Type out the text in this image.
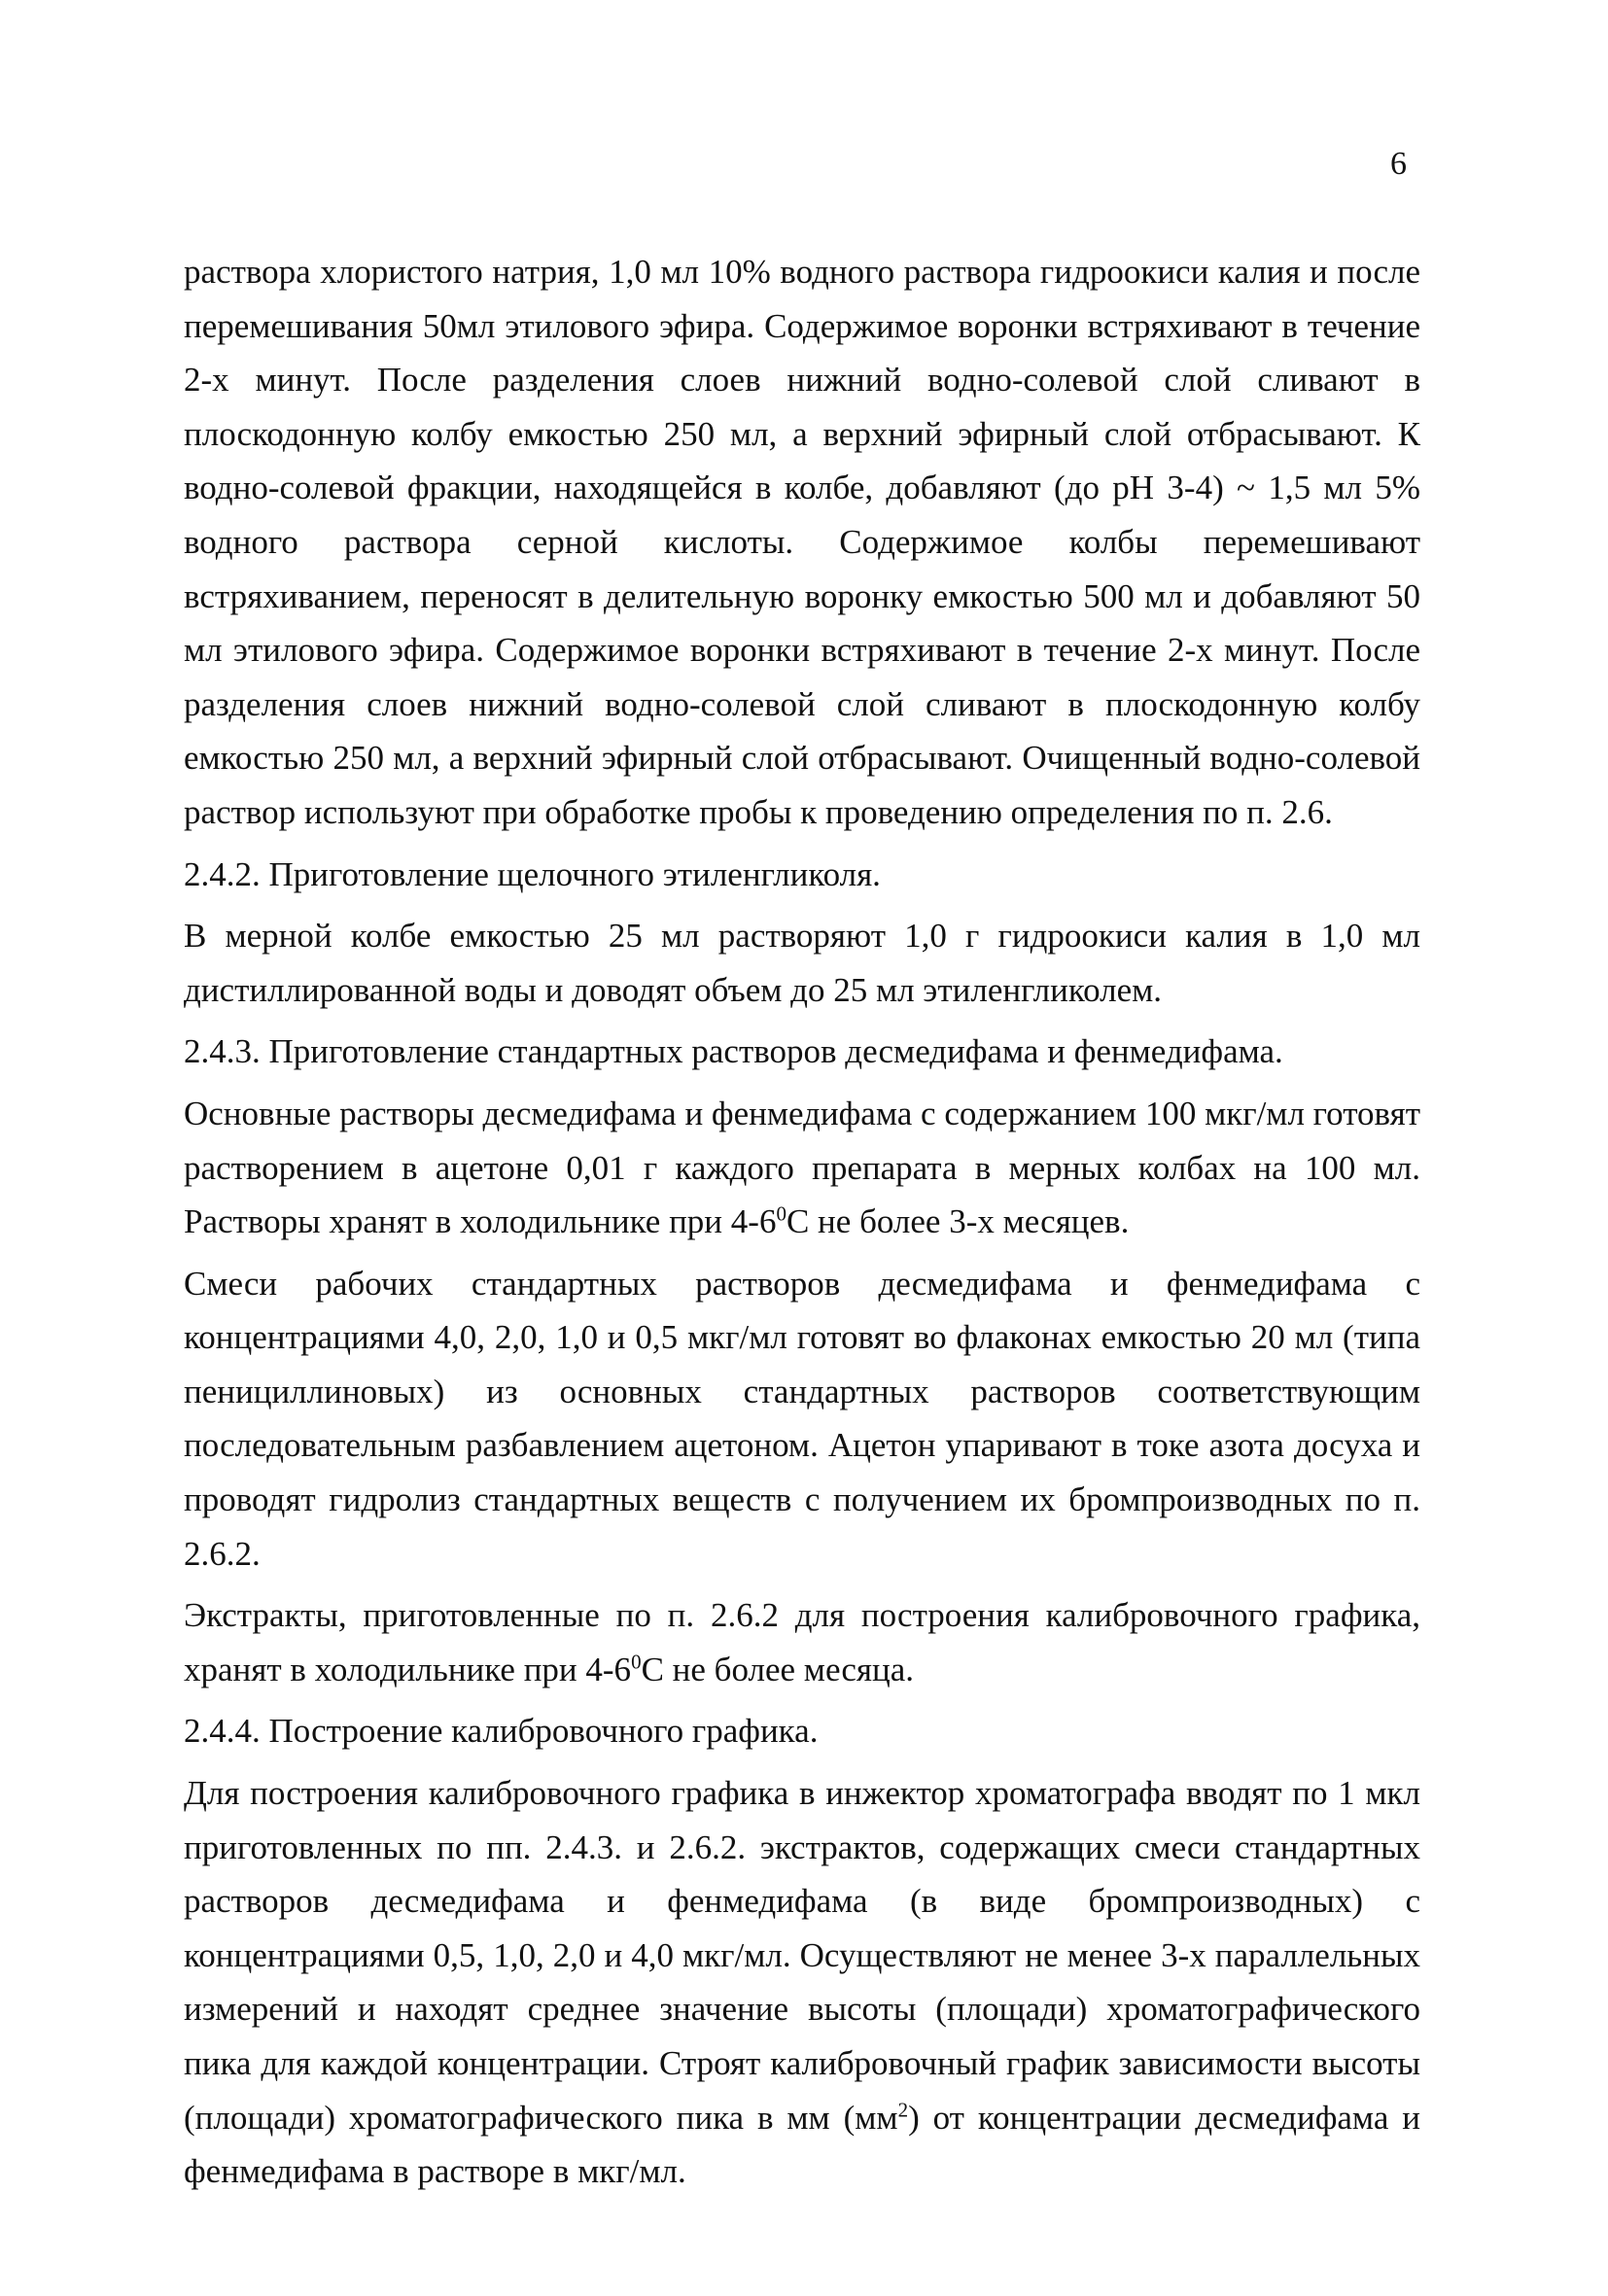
6

раствора хлористого натрия, 1,0 мл 10% водного раствора гидроокиси калия и после перемешивания 50мл этилового эфира. Содержимое воронки встряхивают в течение 2-х минут. После разделения слоев нижний водно-солевой слой сливают в плоскодонную колбу емкостью 250 мл, а верхний эфирный слой отбрасывают. К водно-солевой фракции, находящейся в колбе, добавляют (до pH 3-4) ~ 1,5 мл 5% водного раствора серной кислоты. Содержимое колбы перемешивают встряхиванием, переносят в делительную воронку емкостью 500 мл и добавляют 50 мл этилового эфира. Содержимое воронки встряхивают в течение 2-х минут. После разделения слоев нижний водно-солевой слой сливают в плоскодонную колбу емкостью 250 мл, а верхний эфирный слой отбрасывают. Очищенный водно-солевой раствор используют при обработке пробы к проведению определения по п. 2.6.

2.4.2. Приготовление щелочного этиленгликоля.

В мерной колбе емкостью 25 мл растворяют 1,0 г гидроокиси калия в 1,0 мл дистиллированной воды и доводят объем до 25 мл этиленгликолем.

2.4.3. Приготовление стандартных растворов десмедифама и фенмедифама.

Основные растворы десмедифама и фенмедифама с содержанием 100 мкг/мл готовят растворением в ацетоне 0,01 г каждого препарата в мерных колбах на 100 мл. Растворы хранят в холодильнике при $4-6^0С$ не более 3-х месяцев.

Смеси рабочих стандартных растворов десмедифама и фенмедифама с концентрациями 4,0, 2,0, 1,0 и 0,5 мкг/мл готовят во флаконах емкостью 20 мл (типа пенициллиновых) из основных стандартных растворов соответствующим последовательным разбавлением ацетоном. Ацетон упаривают в токе азота досуха и проводят гидролиз стандартных веществ с получением их бромпроизводных по п. 2.6.2.

Экстракты, приготовленные по п. 2.6.2 для построения калибровочного графика, хранят в холодильнике при $4-6^0С$ не более месяца.

2.4.4. Построение калибровочного графика.

Для построения калибровочного графика в инжектор хроматографа вводят по 1 мкл приготовленных по пп. 2.4.3. и 2.6.2. экстрактов, содержащих смеси стандартных растворов десмедифама и фенмедифама (в виде бромпроизводных) с концентрациями 0,5, 1,0, 2,0 и 4,0 мкг/мл. Осуществляют не менее 3-х параллельных измерений и находят среднее значение высоты (площади) хроматографического пика для каждой концентрации. Строят калибровочный график зависимости высоты (площади) хроматографического пика в мм $(мм^2)$ от концентрации десмедифама и фенмедифама в растворе в мкг/мл.
